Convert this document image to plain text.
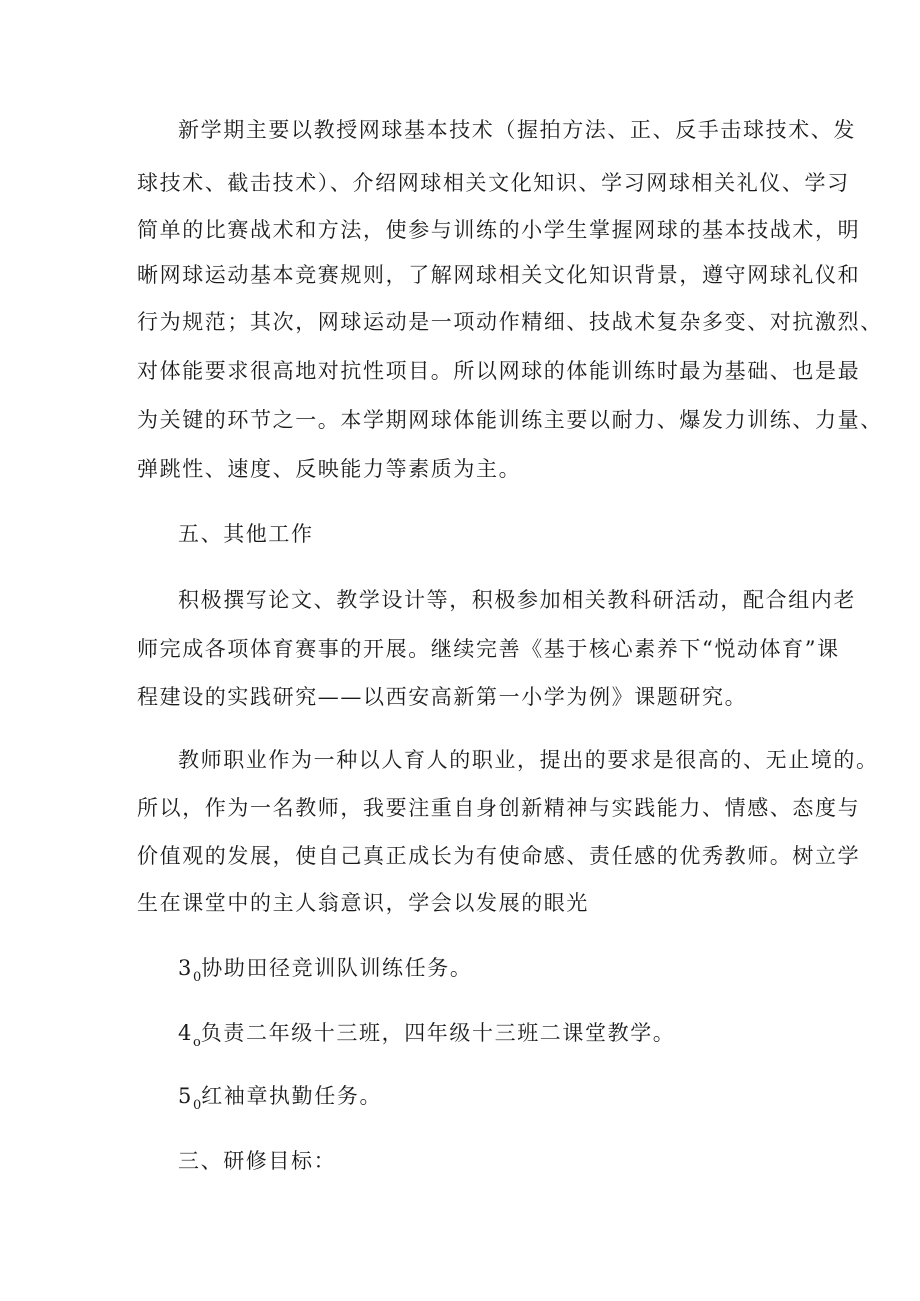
新学期主要以教授网球基本技术（握拍方法、正、反手击球技术、发
球技术、截击技术）、介绍网球相关文化知识、学习网球相关礼仪、学习
简单的比赛战术和方法，使参与训练的小学生掌握网球的基本技战术，明
晰网球运动基本竞赛规则，了解网球相关文化知识背景，遵守网球礼仪和
行为规范；其次，网球运动是一项动作精细、技战术复杂多变、对抗激烈、
对体能要求很高地对抗性项目。所以网球的体能训练时最为基础、也是最
为关键的环节之一。本学期网球体能训练主要以耐力、爆发力训练、力量、
弹跳性、速度、反映能力等素质为主。
五、其他工作
积极撰写论文、教学设计等，积极参加相关教科研活动，配合组内老
师完成各项体育赛事的开展。继续完善《基于核心素养下“悦动体育”课
程建设的实践研究——以西安高新第一小学为例》课题研究。
教师职业作为一种以人育人的职业，提出的要求是很高的、无止境的。
所以，作为一名教师，我要注重自身创新精神与实践能力、情感、态度与
价值观的发展，使自己真正成长为有使命感、责任感的优秀教师。树立学
生在课堂中的主人翁意识，学会以发展的眼光
$3_0$协助田径竞训队训练任务。
$4_o$负责二年级十三班，四年级十三班二课堂教学。
$5_0$红袖章执勤任务。
三、研修目标：
